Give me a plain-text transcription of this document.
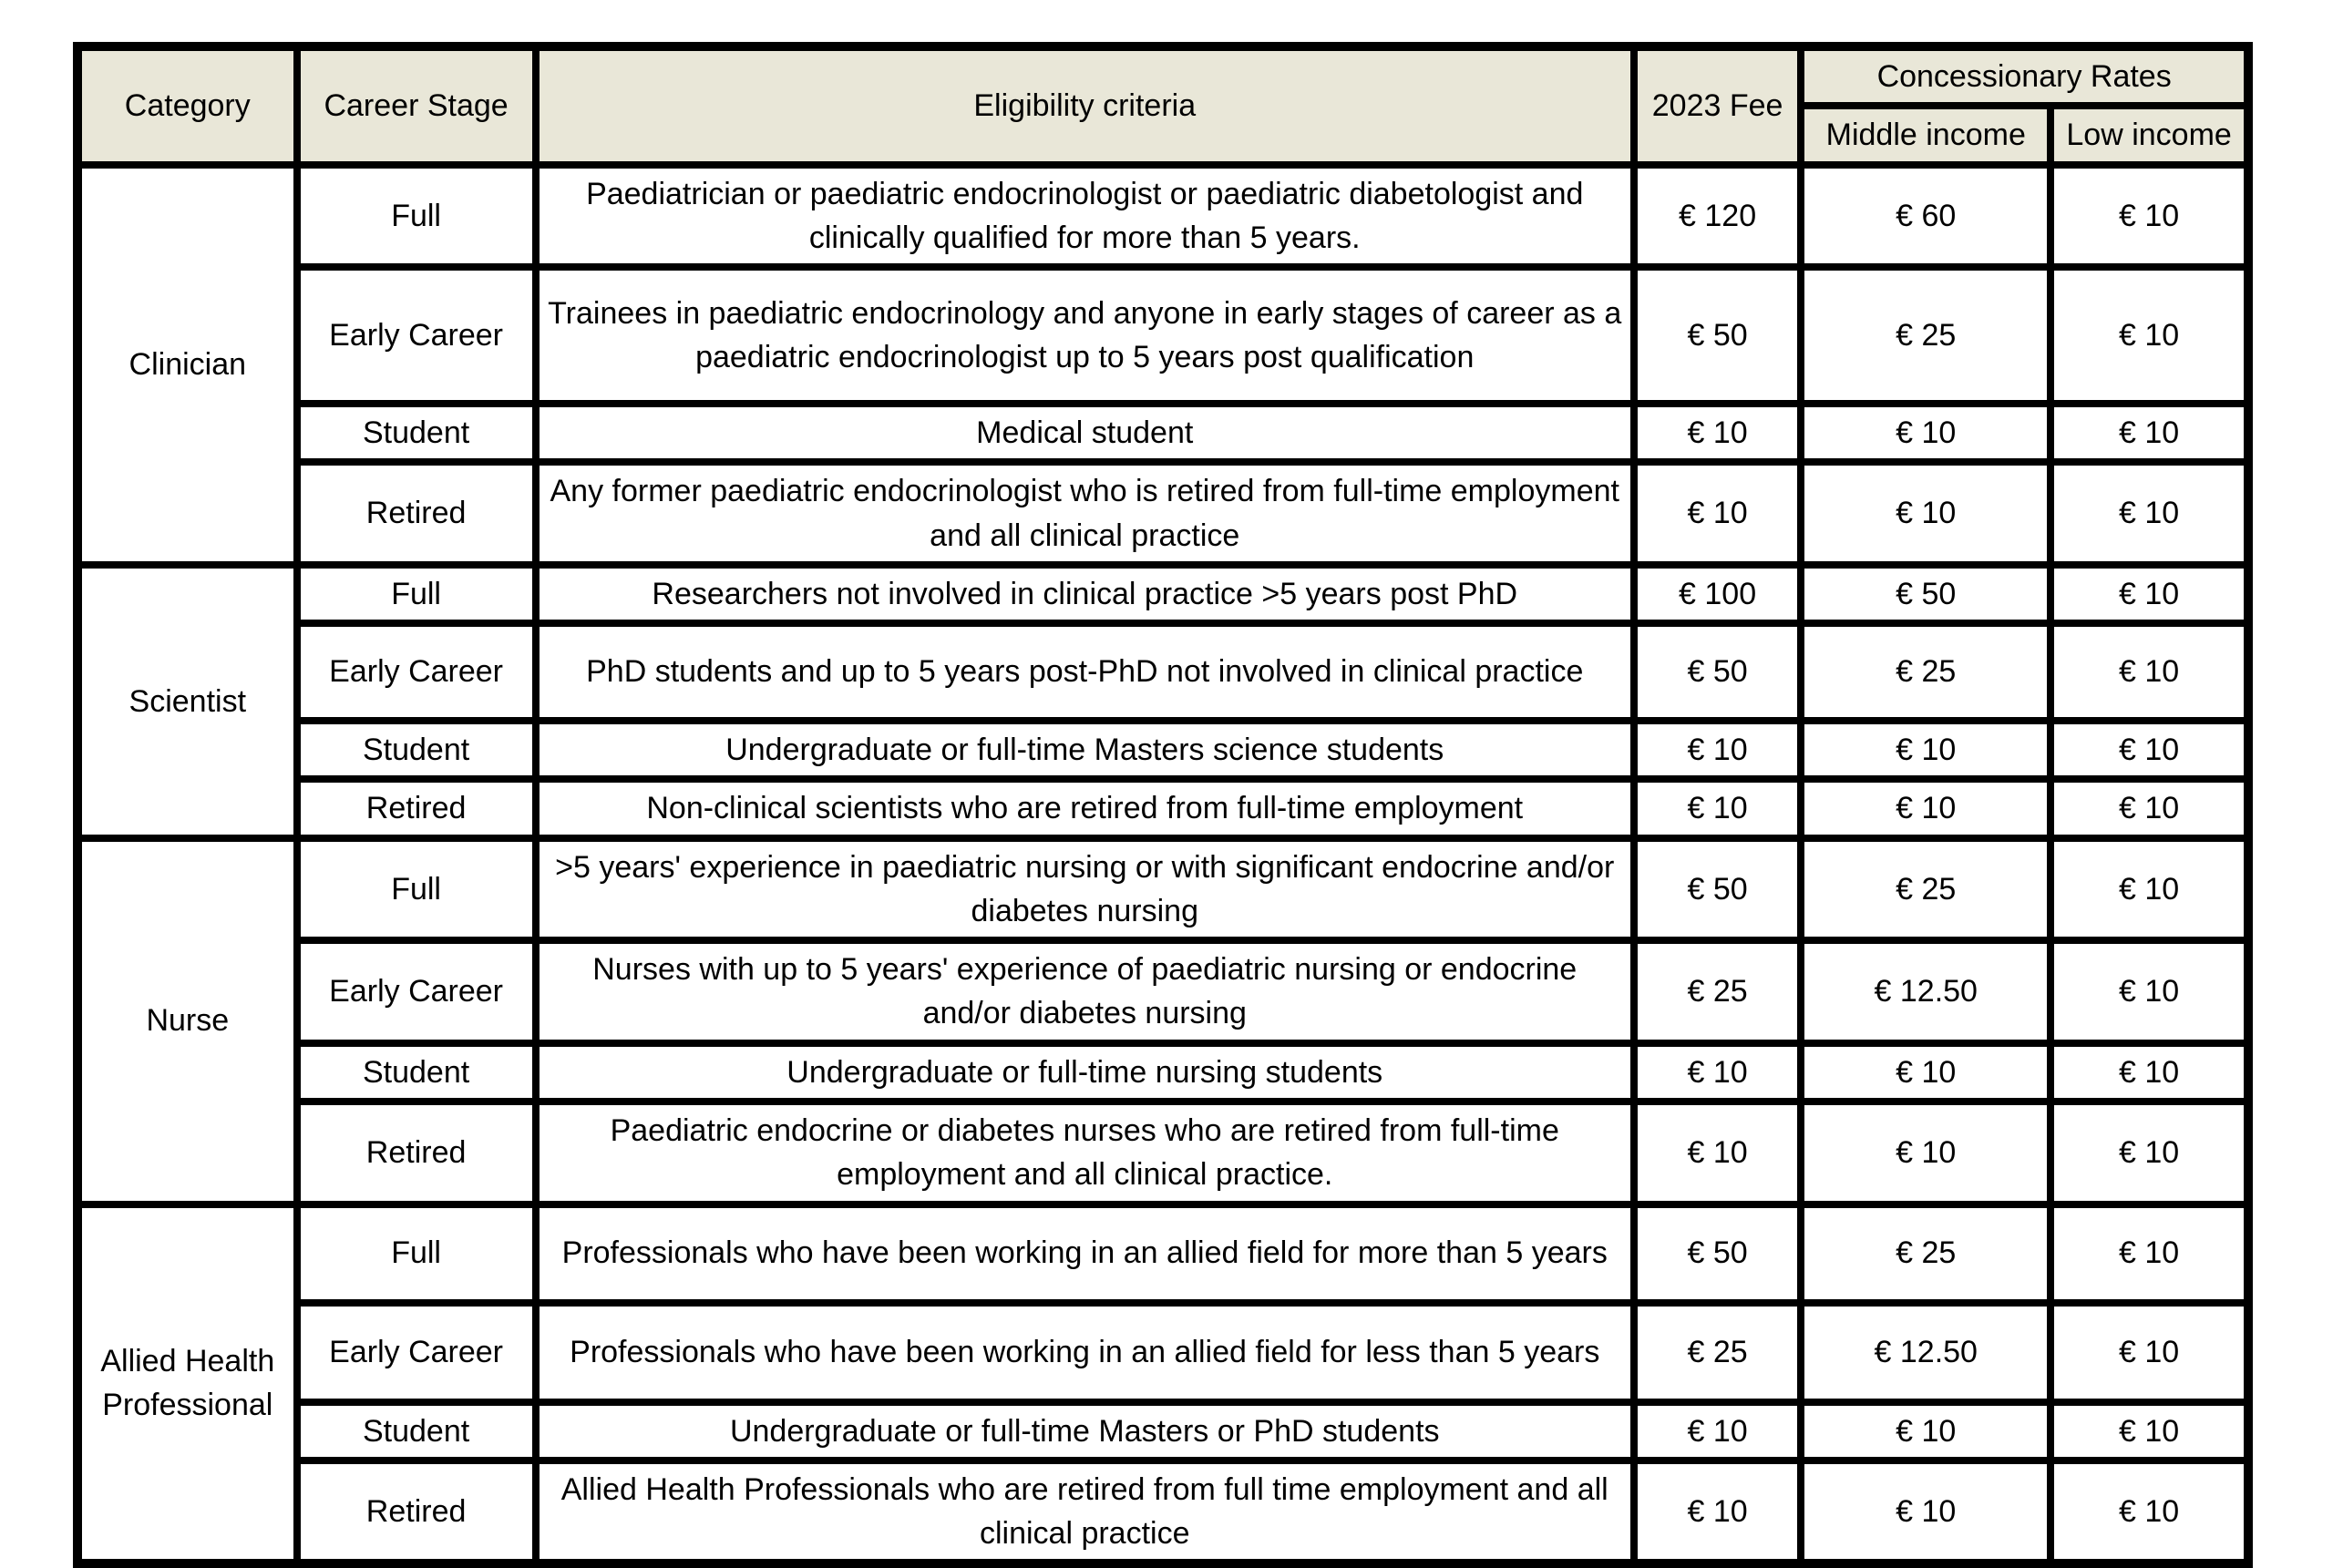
Category	Career Stage	Eligibility criteria	2023 Fee	Concessionary Rates	
				Middle income	Low income
Clinician	Full	Paediatrician or paediatric endocrinologist or paediatric diabetologist and clinically qualified for more than 5 years.	€ 120	€ 60	€ 10
	Early Career	Trainees in paediatric endocrinology and anyone in early stages of career as a paediatric endocrinologist up to 5 years post qualification	€ 50	€ 25	€ 10
	Student	Medical student	€ 10	€ 10	€ 10
	Retired	Any former paediatric endocrinologist who is retired from full-time employment and all clinical practice	€ 10	€ 10	€ 10
Scientist	Full	Researchers not involved in clinical practice >5 years post PhD	€ 100	€ 50	€ 10
	Early Career	PhD students and up to 5 years post-PhD not involved in clinical practice	€ 50	€ 25	€ 10
	Student	Undergraduate or full-time Masters science students	€ 10	€ 10	€ 10
	Retired	Non-clinical scientists who are retired from full-time employment	€ 10	€ 10	€ 10
Nurse	Full	>5 years' experience in paediatric nursing or with significant endocrine and/or diabetes nursing	€ 50	€ 25	€ 10
	Early Career	Nurses with up to 5 years' experience of paediatric nursing or endocrine and/or diabetes nursing	€ 25	€ 12.50	€ 10
	Student	Undergraduate or full-time nursing students	€ 10	€ 10	€ 10
	Retired	Paediatric endocrine or diabetes nurses who are retired from full-time employment and all clinical practice.	€ 10	€ 10	€ 10
Allied Health Professional	Full	Professionals who have been working in an allied field for more than 5 years	€ 50	€ 25	€ 10
	Early Career	Professionals who have been working in an allied field for less than 5 years	€ 25	€ 12.50	€ 10
	Student	Undergraduate or full-time Masters or PhD students	€ 10	€ 10	€ 10
	Retired	Allied Health Professionals who are retired from full time employment and all clinical practice	€ 10	€ 10	€ 10
